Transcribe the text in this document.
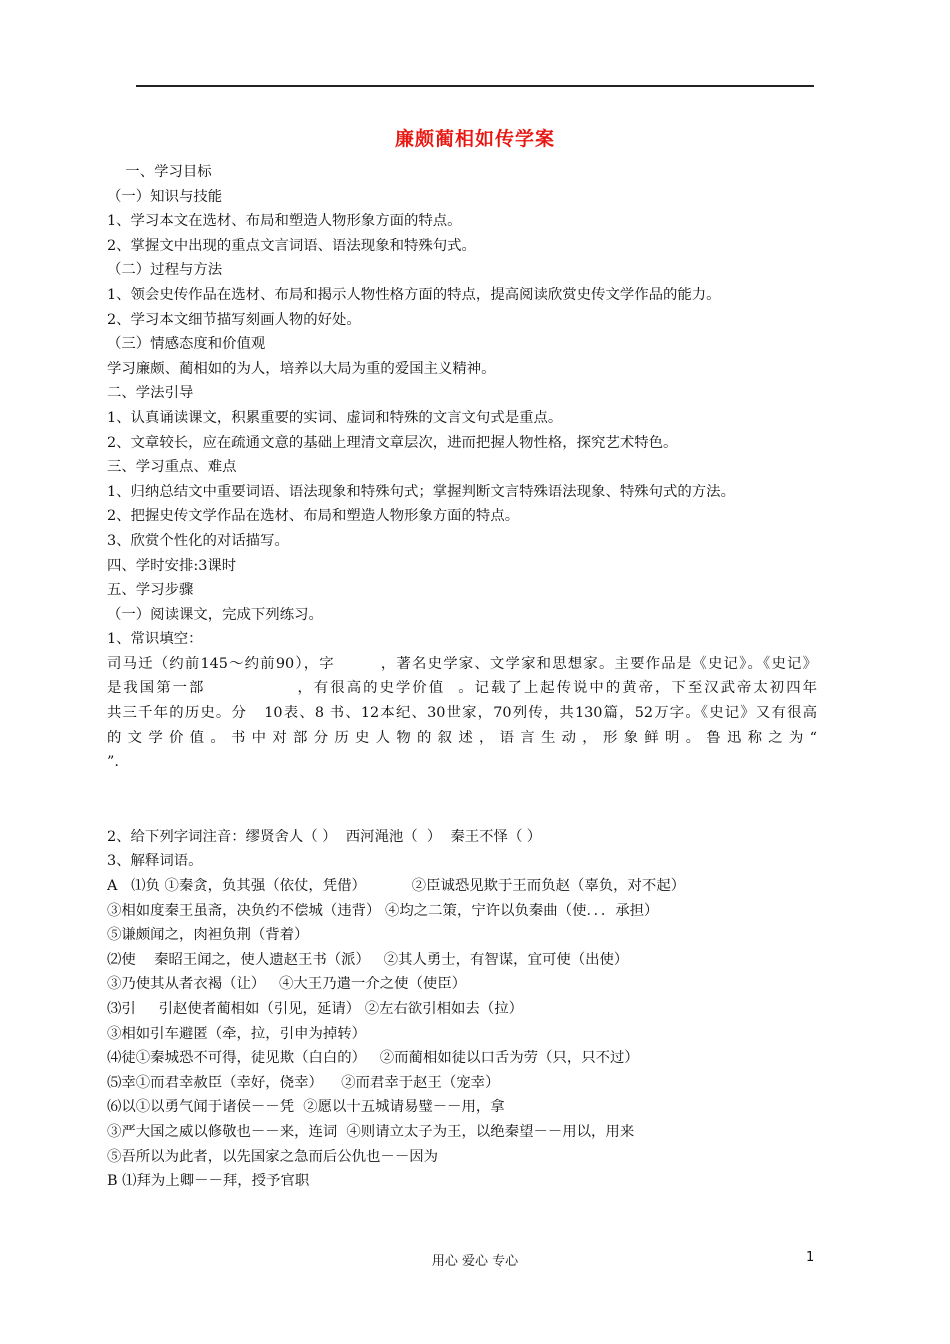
廉颇蔺相如传学案
一、学习目标
（一）知识与技能
1、学习本文在选材、布局和塑造人物形象方面的特点。
2、掌握文中出现的重点文言词语、语法现象和特殊句式。
（二）过程与方法
1、领会史传作品在选材、布局和揭示人物性格方面的特点，提高阅读欣赏史传文学作品的能力。
2、学习本文细节描写刻画人物的好处。
（三）情感态度和价值观
学习廉颇、蔺相如的为人，培养以大局为重的爱国主义精神。
二、学法引导
1、认真诵读课文，积累重要的实词、虚词和特殊的文言文句式是重点。
2、文章较长，应在疏通文意的基础上理清文章层次，进而把握人物性格，探究艺术特色。
三、学习重点、难点
1、归纳总结文中重要词语、语法现象和特殊句式；掌握判断文言特殊语法现象、特殊句式的方法。
2、把握史传文学作品在选材、布局和塑造人物形象方面的特点。
3、欣赏个性化的对话描写。
四、学时安排:3课时
五、学习步骤
（一）阅读课文，完成下列练习。
1、常识填空：
司马迁（约前145～约前90），字        ，著名史学家、文学家和思想家。主要作品是《史记》。《史记》
是我国第一部              ，有很高的史学价值  。记载了上起传说中的黄帝，下至汉武帝太初四年
共三千年的历史。分   10表、8 书、12本纪、30世家，70列传，共130篇，52万字。《史记》又有很高
的文学价值。书中对部分历史人物的叙述，语言生动，形象鲜明。鲁迅称之为“
”.
2、给下列字词注音：缪贤舍人（ ）  西河渑池（  ）  秦王不怿（ ）
3、解释词语。
A   ⑴负 ①秦贪，负其强（依仗，凭借）          ②臣诚恐见欺于王而负赵（辜负，对不起）
③相如度秦王虽斋，决负约不偿城（违背） ④均之二策，宁许以负秦曲（使．．．承担）
⑤谦颇闻之，肉袒负荆（背着）
⑵使    秦昭王闻之，使人遗赵王书（派）   ②其人勇士，有智谋，宜可使（出使）
③乃使其从者衣褐（让）   ④大王乃遣一介之使（使臣）
⑶引     引赵使者蔺相如（引见，延请） ②左右欲引相如去（拉）
③相如引车避匿（牵，拉，引申为掉转）
⑷徒①秦城恐不可得，徒见欺（白白的）   ②而蔺相如徒以口舌为劳（只，只不过）
⑸幸①而君幸赦臣（幸好，侥幸）    ②而君幸于赵王（宠幸）
⑹以①以勇气闻于诸侯－－凭  ②愿以十五城请易璧－－用，拿
③严大国之威以修敬也－－来，连词  ④则请立太子为王，以绝秦望－－用以，用来
⑤吾所以为此者，以先国家之急而后公仇也－－因为
B ⑴拜为上卿－－拜，授予官职
用心 爱心 专心	1
